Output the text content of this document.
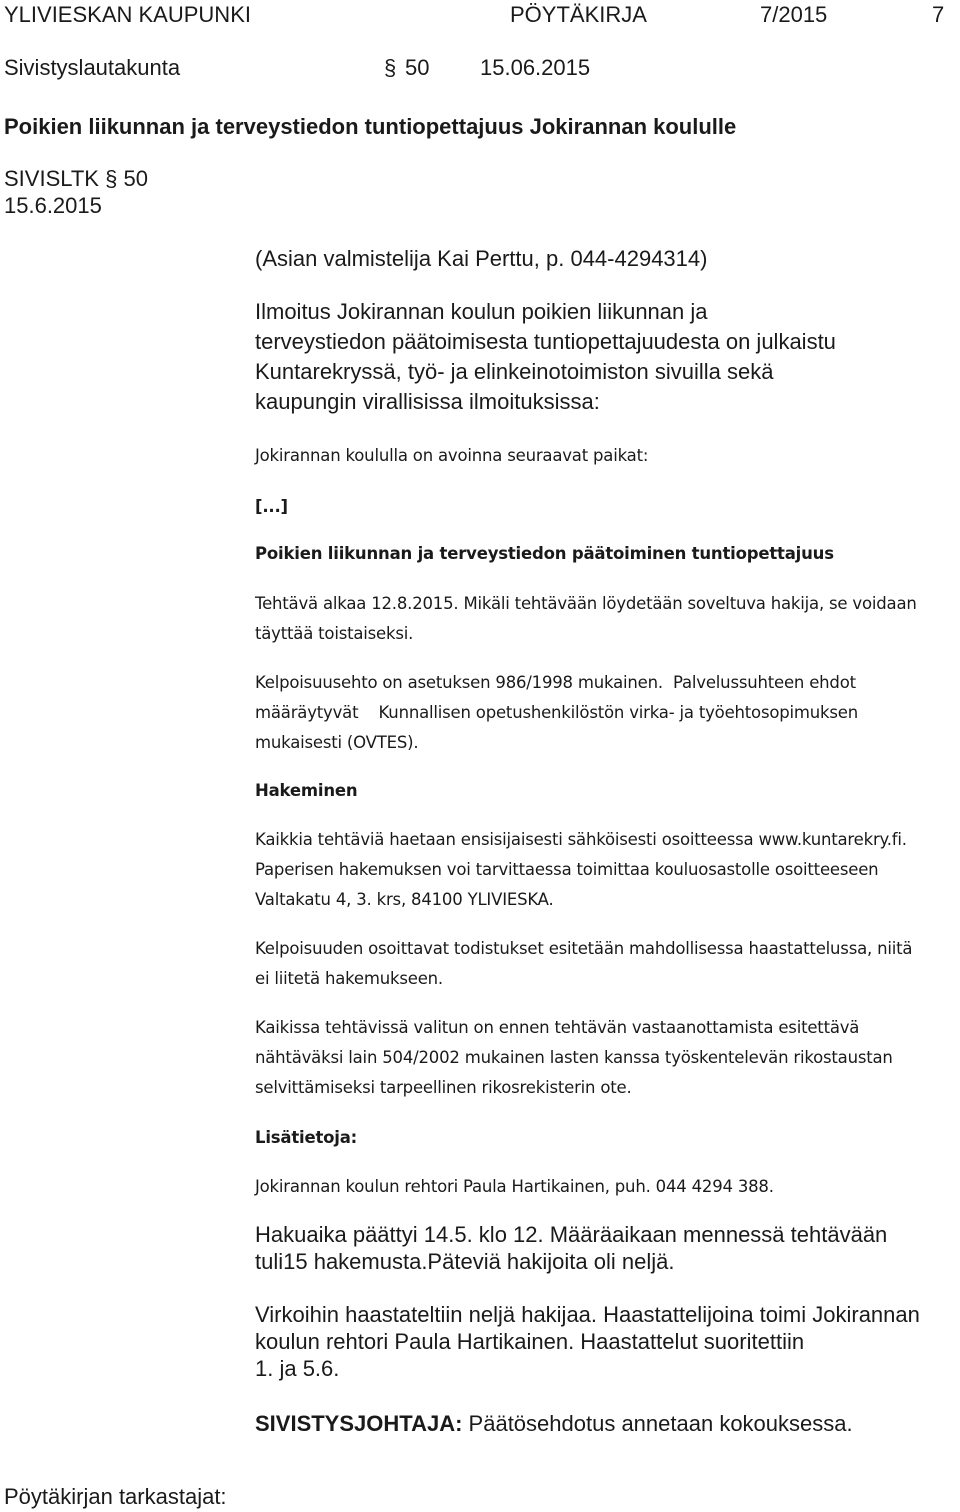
YLIVIESKAN KAUPUNKI	PÖYTÄKIRJA	7/2015	7

Sivistyslautakunta	§ 50 15.06.2015

Poikien liikunnan ja terveystiedon tuntiopettajuus Jokirannan koululle

SIVISLTK § 50

15.6.2015

(Asian valmistelija Kai Perttu, p. 044-4294314)

Ilmoitus Jokirannan koulun poikien liikunnan ja
terveystiedon päätoimisesta tuntiopettajuudesta on julkaistu
Kuntarekryssä, työ- ja elinkeinotoimiston sivuilla sekä
kaupungin virallisissa ilmoituksissa:

Jokirannan koululla on avoinna seuraavat paikat:

[...]

Poikien liikunnan ja terveystiedon päätoiminen tuntiopettajuus

Tehtävä alkaa 12.8.2015. Mikäli tehtävään löydetään soveltuva hakija, se voidaan
täyttää toistaiseksi.
Kelpoisuusehto on asetuksen 986/1998 mukainen.  Palvelussuhteen ehdot
määräytyvät    Kunnallisen opetushenkilöstön virka- ja työehtosopimuksen
mukaisesti (OVTES).

Hakeminen

Kaikkia tehtäviä haetaan ensisijaisesti sähköisesti osoitteessa www.kuntarekry.fi.
Paperisen hakemuksen voi tarvittaessa toimittaa kouluosastolle osoitteeseen
Valtakatu 4, 3. krs, 84100 YLIVIESKA.
Kelpoisuuden osoittavat todistukset esitetään mahdollisessa haastattelussa, niitä
ei liitetä hakemukseen.
Kaikissa tehtävissä valitun on ennen tehtävän vastaanottamista esitettävä
nähtäväksi lain 504/2002 mukainen lasten kanssa työskentelevän rikostaustan
selvittämiseksi tarpeellinen rikosrekisterin ote.

Lisätietoja:

Jokirannan koulun rehtori Paula Hartikainen, puh. 044 4294 388.

Hakuaika päättyi 14.5. klo 12. Määräaikaan mennessä tehtävään
tuli15 hakemusta.Päteviä hakijoita oli neljä.
Virkoihin haastateltiin neljä hakijaa. Haastattelijoina toimi Jokirannan
koulun rehtori Paula Hartikainen. Haastattelut suoritettiin
1. ja 5.6.

SIVISTYSJOHTAJA: Päätösehdotus annetaan kokouksessa.

Pöytäkirjan tarkastajat:
